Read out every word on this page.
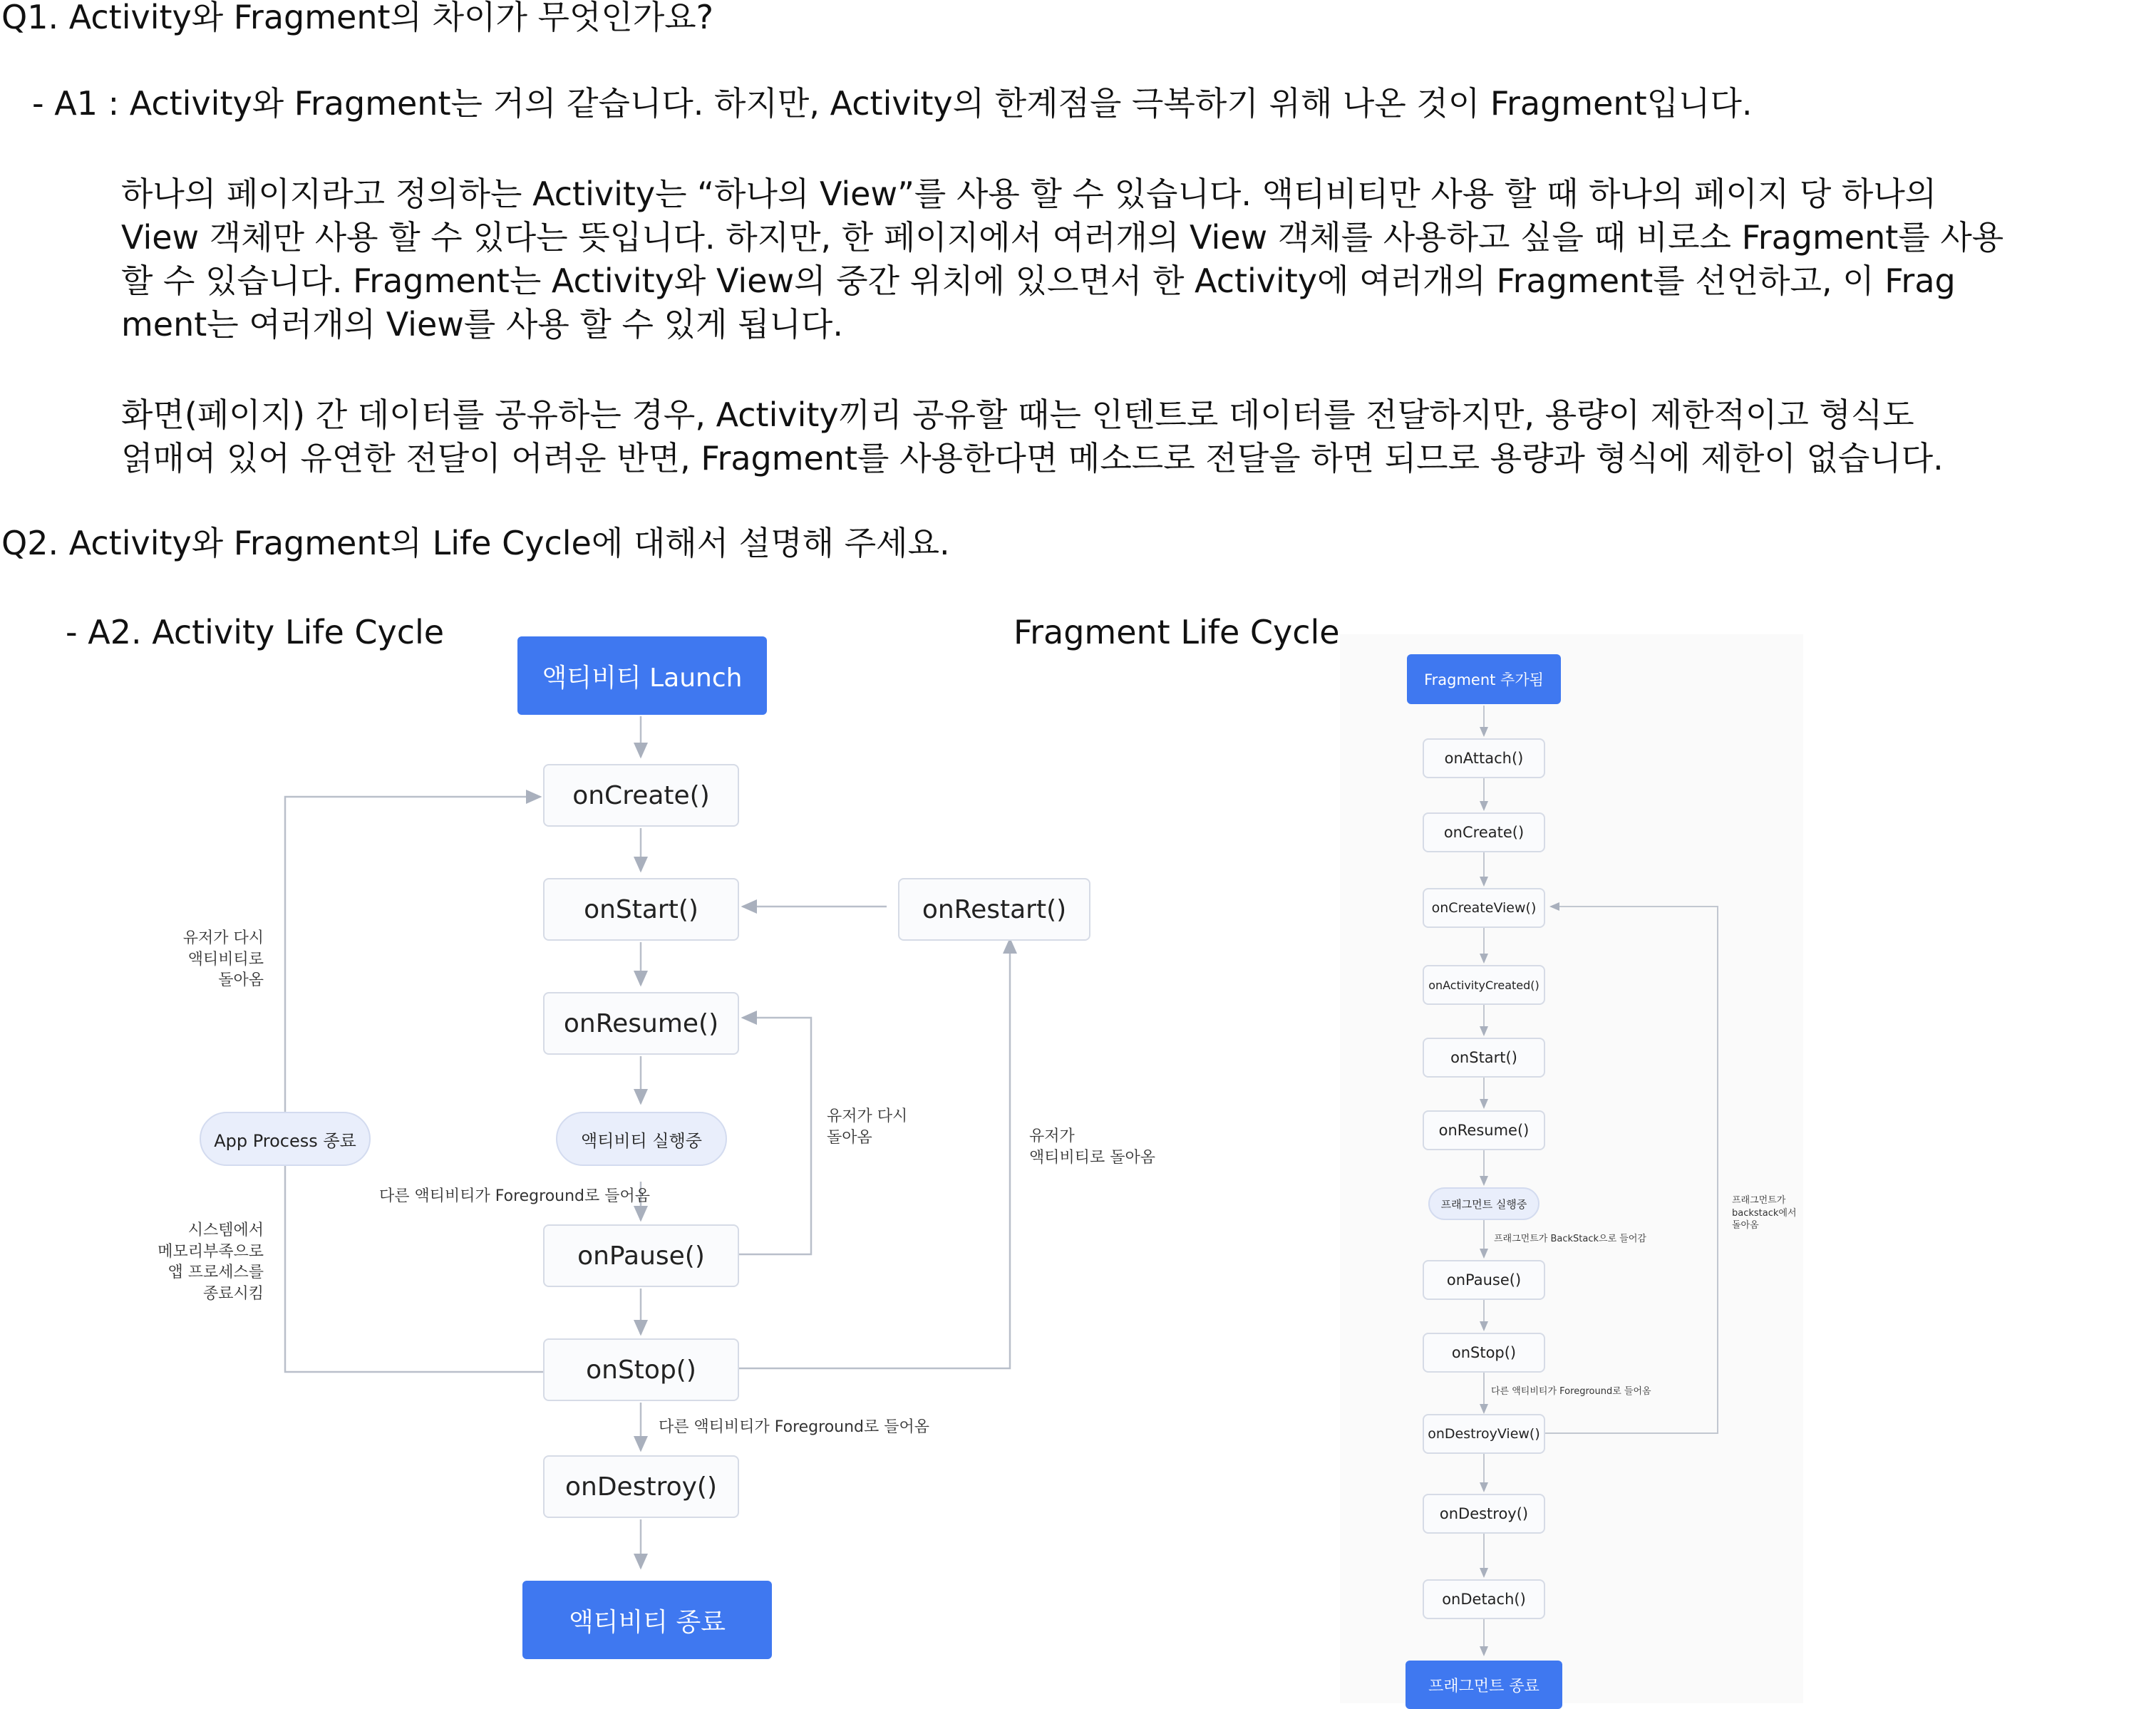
Q1. Activity와 Fragment의 차이가 무엇인가요?
- A1 : Activity와 Fragment는 거의 같습니다. 하지만, Activity의 한계점을 극복하기 위해 나온 것이 Fragment입니다.
하나의 페이지라고 정의하는 Activity는 “하나의 View”를 사용 할 수 있습니다. 액티비티만 사용 할 때 하나의 페이지 당 하나의
View 객체만 사용 할 수 있다는 뜻입니다. 하지만, 한 페이지에서 여러개의 View 객체를 사용하고 싶을 때 비로소 Fragment를 사용
할 수 있습니다. Fragment는 Activity와 View의 중간 위치에 있으면서 한 Activity에 여러개의 Fragment를 선언하고, 이 Frag
ment는 여러개의 View를 사용 할 수 있게 됩니다.
화면(페이지) 간 데이터를 공유하는 경우, Activity끼리 공유할 때는 인텐트로 데이터를 전달하지만, 용량이 제한적이고 형식도
얽매여 있어 유연한 전달이 어려운 반면, Fragment를 사용한다면 메소드로 전달을 하면 되므로 용량과 형식에 제한이 없습니다.
Q2. Activity와 Fragment의 Life Cycle에 대해서 설명해 주세요.
- A2. Activity Life Cycle	Fragment Life Cycle
액티비티 Launch
onCreate()
onStart()	onRestart()
onResume()
액티비티 실행중
App Process 종료
onPause()
onStop()
onDestroy()
액티비티 종료
유저가 다시
액티비티로
돌아옴
시스템에서
메모리부족으로
앱 프로세스를
종료시킴
다른 액티비티가 Foreground로 들어옴
다른 액티비티가 Foreground로 들어옴
유저가 다시
돌아옴	유저가
액티비티로 돌아옴
Fragment 추가됨
onAttach()
onCreate()
onCreateView()
onActivityCreated()
onStart()
onResume()
프래그먼트 실행중
프래그먼트가 BackStack으로 들어감
onPause()
onStop()
다른 액티비티가 Foreground로 들어옴
onDestroyView()
onDestroy()
onDetach()
프래그먼트 종료
프래그먼트가
backstack에서
돌아옴
